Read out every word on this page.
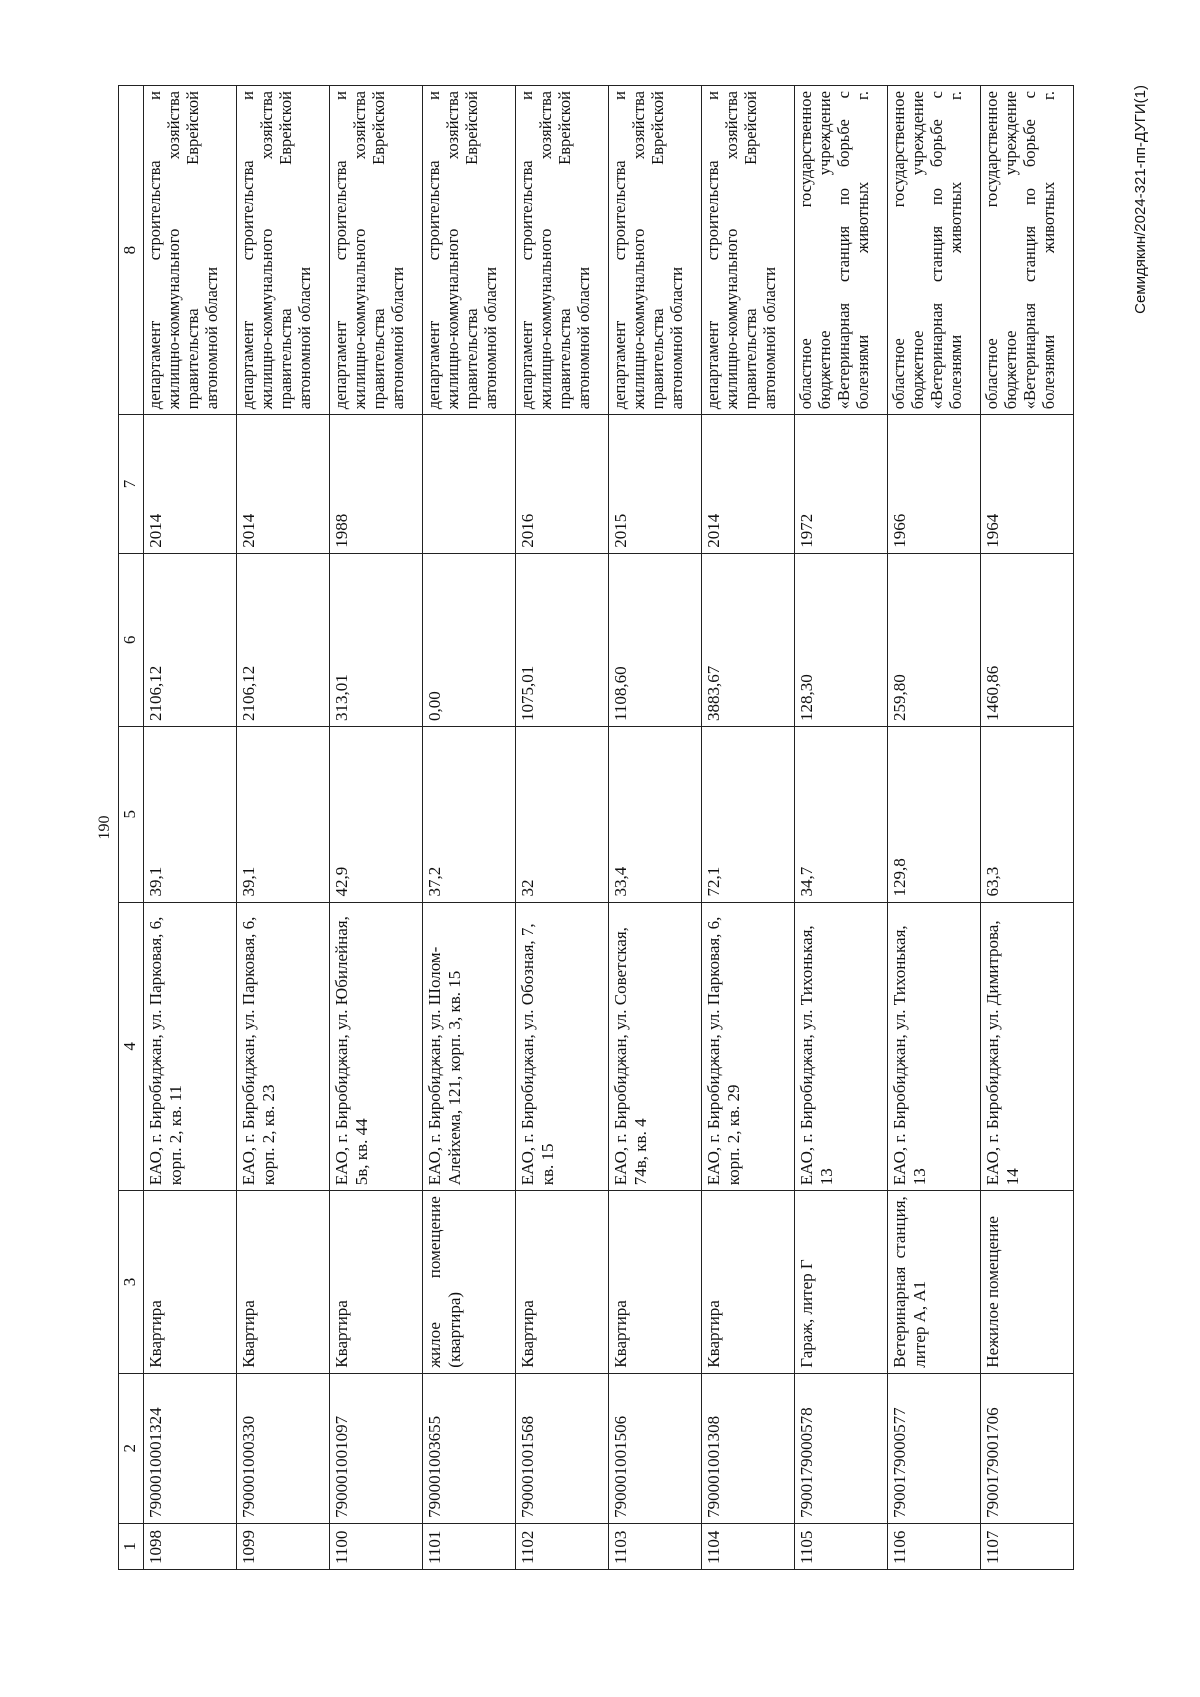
190
1	2	3	4	5	6	7	8
1098	7900010001324	Квартира	ЕАО, г. Биробиджан, ул. Парковая, 6, корп. 2, кв. 11	39,1	2106,12	2014	департамент строительства и жилищно-коммунального хозяйства правительства Еврейской автономной области

1099	790001000330	Квартира	ЕАО, г. Биробиджан, ул. Парковая, 6, корп. 2, кв. 23	39,1	2106,12	2014	департамент строительства и жилищно-коммунального хозяйства правительства Еврейской автономной области

1100	790001001097	Квартира	ЕАО, г. Биробиджан, ул. Юбилейная, 5в, кв. 44	42,9	313,01	1988	департамент строительства и жилищно-коммунального хозяйства правительства Еврейской автономной области

1101	790001003655	жилое помещение (квартира)	ЕАО, г. Биробиджан, ул. Шолом-Алейхема, 121, корп. 3, кв. 15	37,2	0,00		департамент строительства и жилищно-коммунального хозяйства правительства Еврейской автономной области

1102	790001001568	Квартира	ЕАО, г. Биробиджан, ул. Обозная, 7, кв. 15	32	1075,01	2016	департамент строительства и жилищно-коммунального хозяйства правительства Еврейской автономной области

1103	790001001506	Квартира	ЕАО, г. Биробиджан, ул. Советская, 74в, кв. 4	33,4	1108,60	2015	департамент строительства и жилищно-коммунального хозяйства правительства Еврейской автономной области

1104	790001001308	Квартира	ЕАО, г. Биробиджан, ул. Парковая, 6, корп. 2, кв. 29	72,1	3883,67	2014	департамент строительства и жилищно-коммунального хозяйства правительства Еврейской автономной области

1105	7900179000578	Гараж, литер Г	ЕАО, г. Биробиджан, ул. Тихонькая, 13	34,7	128,30	1972	областное государственное бюджетное учреждение «Ветеринарная станция по борьбе с болезнями животных г.

1106	7900179000577	Ветеринарная станция, литер А, А1	ЕАО, г. Биробиджан, ул. Тихонькая, 13	129,8	259,80	1966	областное государственное бюджетное учреждение «Ветеринарная станция по борьбе с болезнями животных г.

1107	7900179001706	Нежилое помещение	ЕАО, г. Биробиджан, ул. Димитрова, 14	63,3	1460,86	1964	областное государственное бюджетное учреждение «Ветеринарная станция по борьбе с болезнями животных г.	Семидякин/2024-321-пп-ДУГИ(1)
